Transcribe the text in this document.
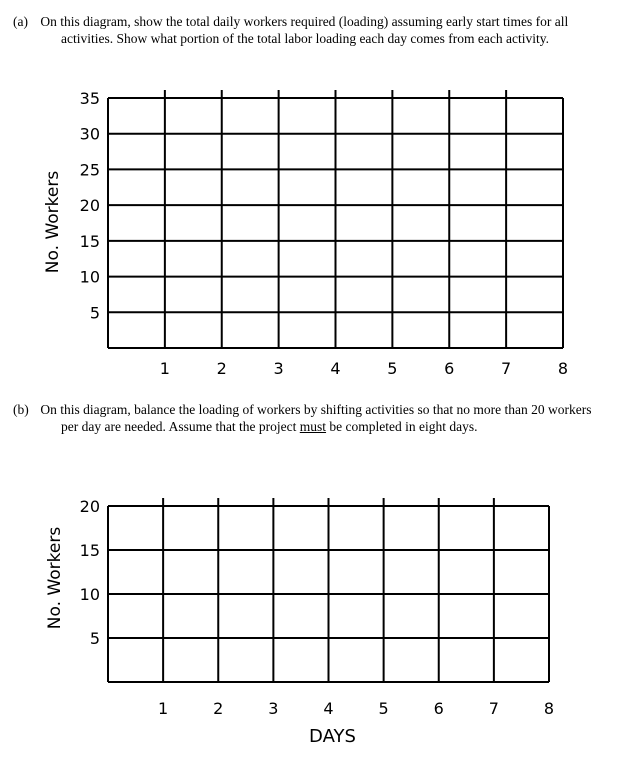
(a) On this diagram, show the total daily workers required (loading) assuming early start times for all activities. Show what portion of the total labor loading each day comes from each activity.
(b) On this diagram, balance the loading of workers by shifting activities so that no more than 20 workers per day are needed. Assume that the project must be completed in eight days.
5
10
15
20
25
30
35
1	2	3	4	5	6	7	8
No. Workers
5
10
15
20
1	2	3	4	5	6	7	8
No. Workers
DAYS
